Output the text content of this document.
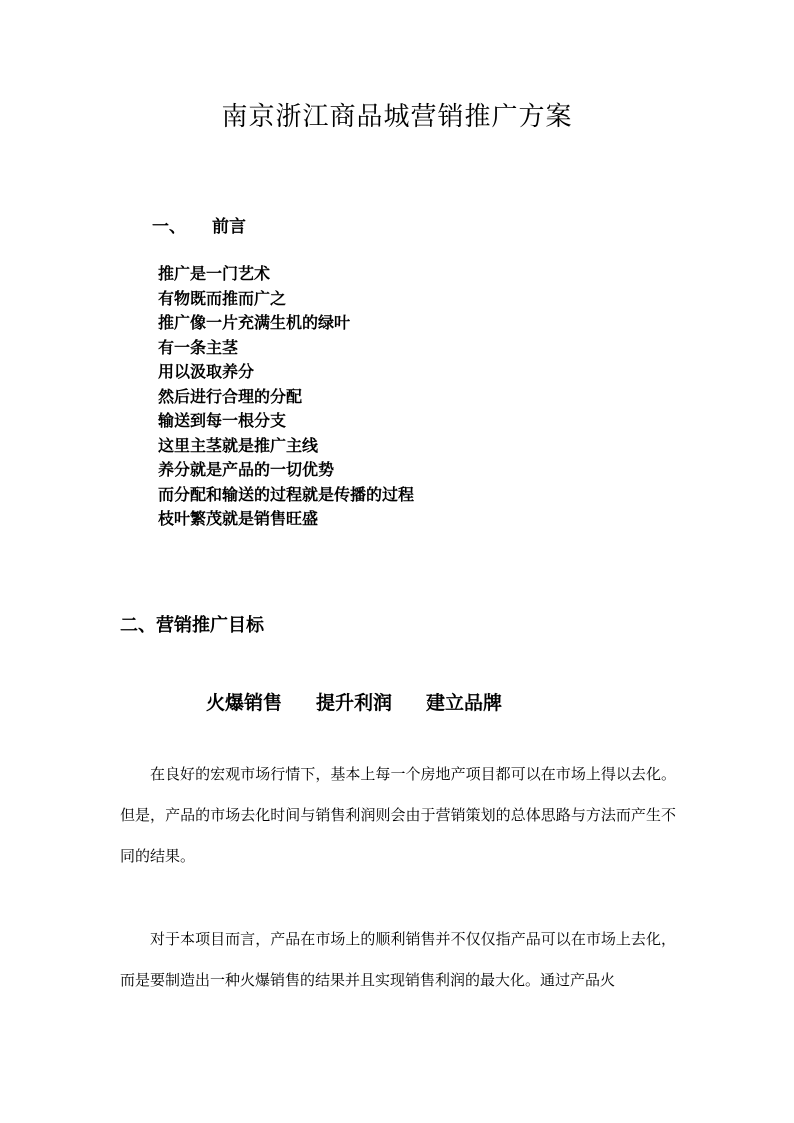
南京浙江商品城营销推广方案
一、 前言
推广是一门艺术
有物既而推而广之
推广像一片充满生机的绿叶
有一条主茎
用以汲取养分
然后进行合理的分配
输送到每一根分支
这里主茎就是推广主线
养分就是产品的一切优势
而分配和输送的过程就是传播的过程
枝叶繁茂就是销售旺盛
二、营销推广目标
火爆销售 提升利润 建立品牌

在良好的宏观市场行情下，基本上每一个房地产项目都可以在市场上得以去化。但是，产品的市场去化时间与销售利润则会由于营销策划的总体思路与方法而产生不同的结果。

对于本项目而言，产品在市场上的顺利销售并不仅仅指产品可以在市场上去化，而是要制造出一种火爆销售的结果并且实现销售利润的最大化。通过产品火
